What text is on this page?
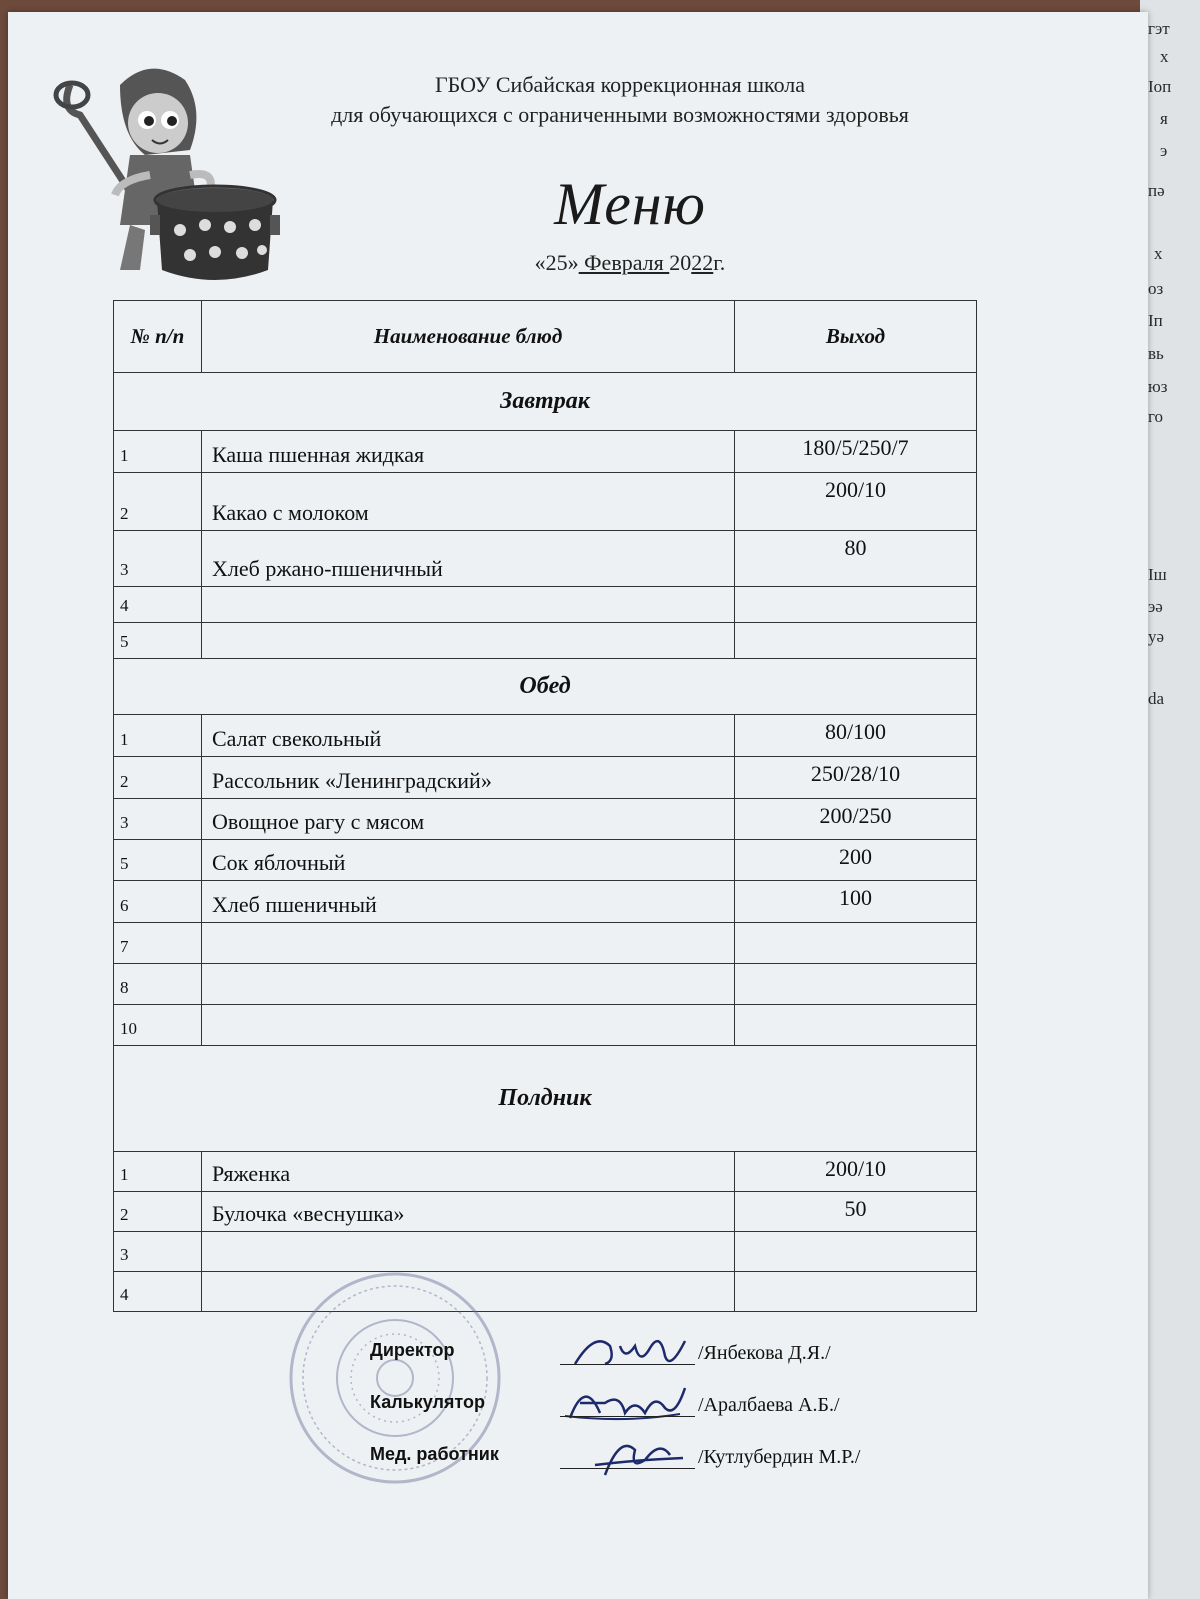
гэт
х
Іоп
я
э
пә
х
оз
Іп
вь
юз
го
Іш
эә
уә
da
ГБОУ Сибайская коррекционная школа
для обучающихся с ограниченными возможностями здоровья
Меню
«25» Февраля 2022г.
№ п/п	Наименование блюд	Выход
Завтрак		
1	Каша пшенная жидкая	180/5/250/7
2	Какао с молоком	200/10
3	Хлеб ржано-пшеничный	80
4		
5		
Обед		
1	Салат свекольный	80/100
2	Рассольник «Ленинградский»	250/28/10
3	Овощное рагу с мясом	200/250
5	Сок яблочный	200
6	Хлеб пшеничный	100
7		
8		
10		
Полдник		
1	Ряженка	200/10
2	Булочка «веснушка»	50
3		
4		
Директор	/Янбекова Д.Я./
Калькулятор	/Аралбаева А.Б./
Мед. работник	/Кутлубердин М.Р./
